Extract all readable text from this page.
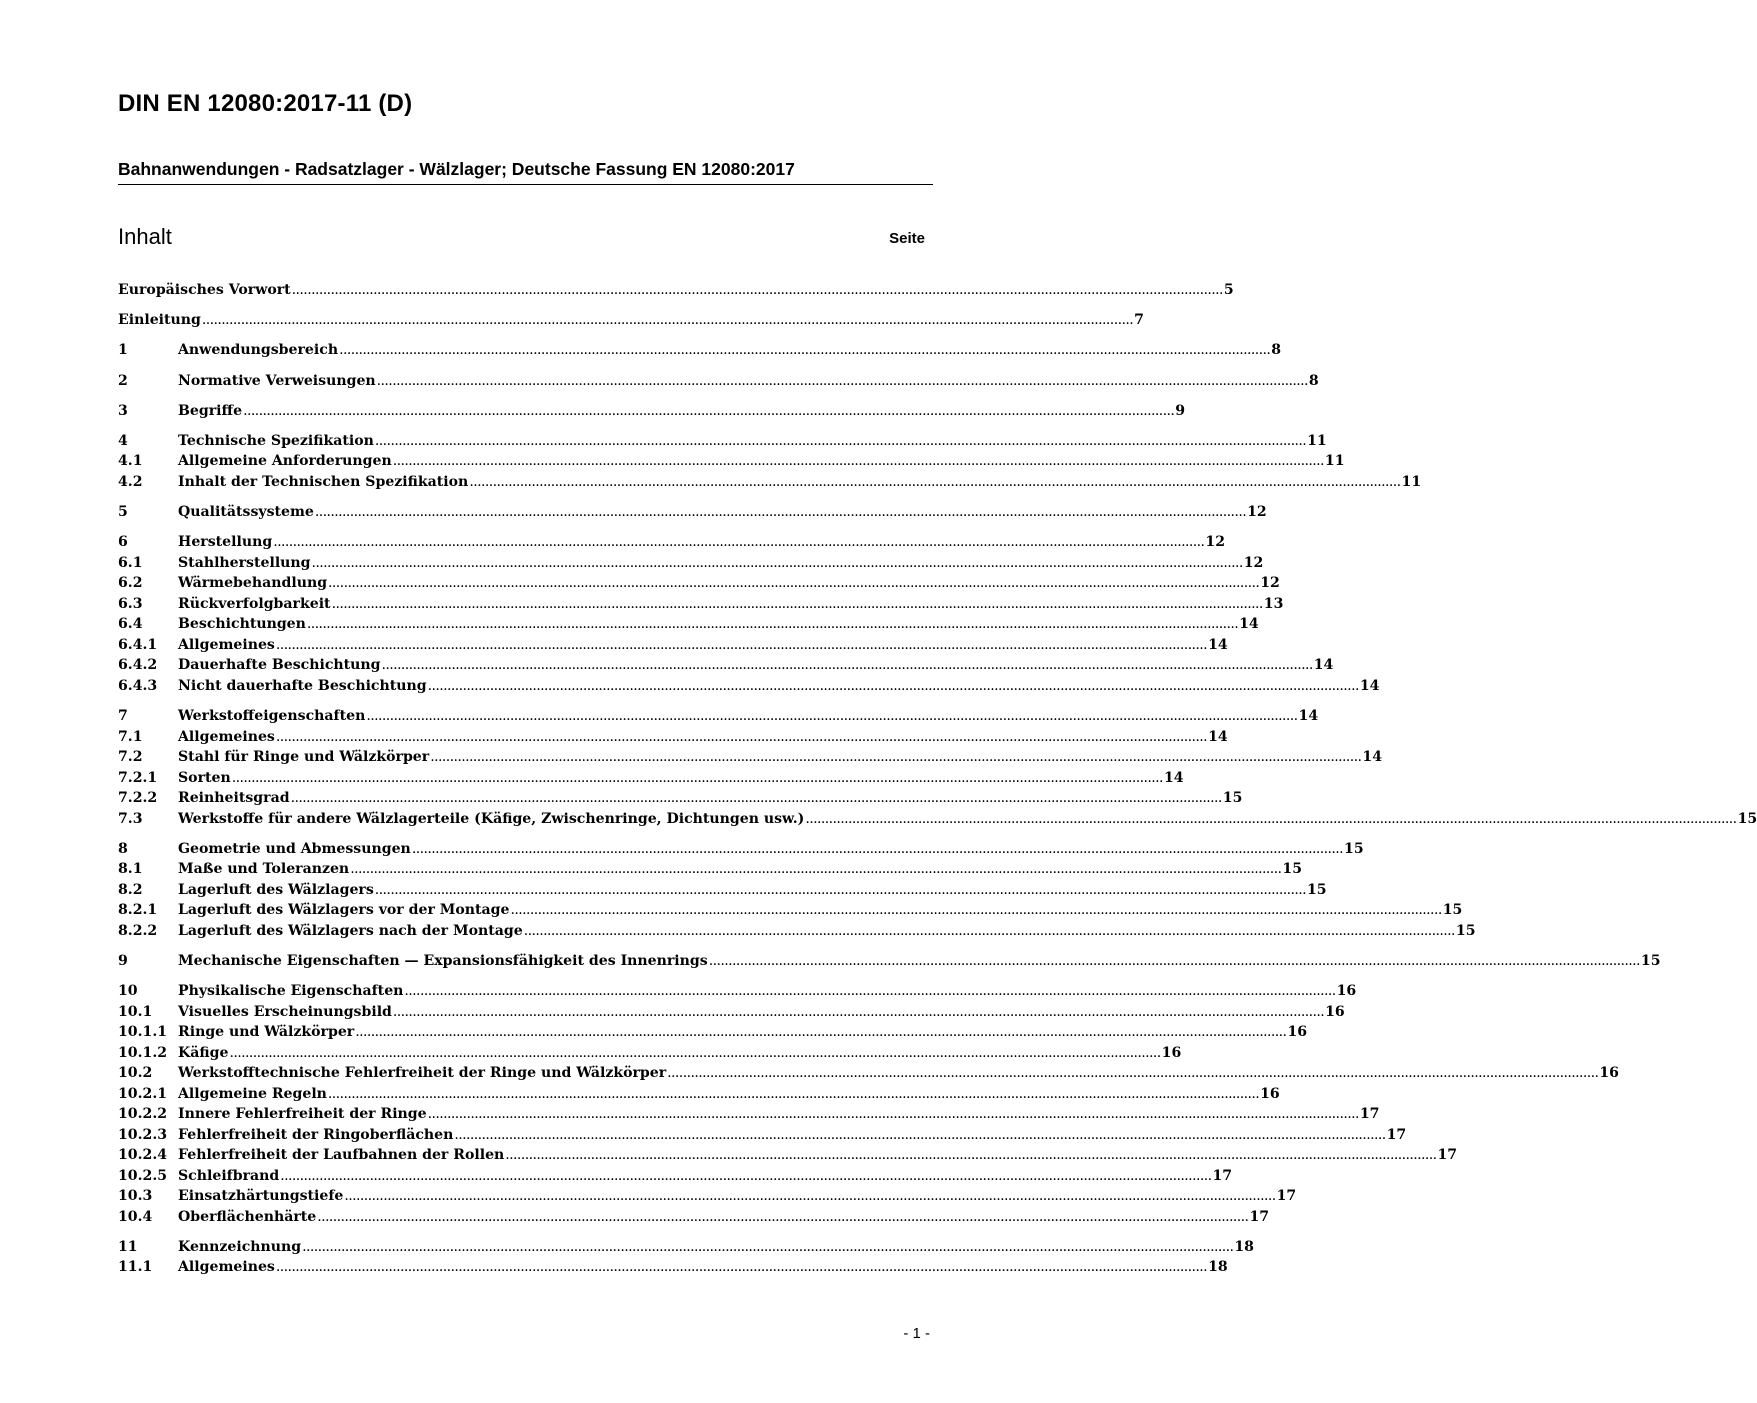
DIN EN 12080:2017-11 (D)
Bahnanwendungen - Radsatzlager - Wälzlager; Deutsche Fassung EN 12080:2017
Inhalt	Seite
Europäisches Vorwort .....	5
Einleitung .....	7
1	Anwendungsbereich .....	8
2	Normative Verweisungen .....	8
3	Begriffe .....	9
4	Technische Spezifikation .....	11
4.1	Allgemeine Anforderungen .....	11
4.2	Inhalt der Technischen Spezifikation .....	11
5	Qualitätssysteme .....	12
6	Herstellung .....	12
6.1	Stahlherstellung .....	12
6.2	Wärmebehandlung .....	12
6.3	Rückverfolgbarkeit .....	13
6.4	Beschichtungen .....	14
6.4.1	Allgemeines .....	14
6.4.2	Dauerhafte Beschichtung .....	14
6.4.3	Nicht dauerhafte Beschichtung .....	14
7	Werkstoffeigenschaften .....	14
7.1	Allgemeines .....	14
7.2	Stahl für Ringe und Wälzkörper .....	14
7.2.1	Sorten .....	14
7.2.2	Reinheitsgrad .....	15
7.3	Werkstoffe für andere Wälzlagerteile (Käfige, Zwischenringe, Dichtungen usw.) .....	15
8	Geometrie und Abmessungen .....	15
8.1	Maße und Toleranzen .....	15
8.2	Lagerluft des Wälzlagers .....	15
8.2.1	Lagerluft des Wälzlagers vor der Montage .....	15
8.2.2	Lagerluft des Wälzlagers nach der Montage .....	15
9	Mechanische Eigenschaften — Expansionsfähigkeit des Innenrings .....	15
10	Physikalische Eigenschaften .....	16
10.1	Visuelles Erscheinungsbild .....	16
10.1.1 Ringe und Wälzkörper .....	16
10.1.2 Käfige .....	16
10.2	Werkstofftechnische Fehlerfreiheit der Ringe und Wälzkörper .....	16
10.2.1 Allgemeine Regeln .....	16
10.2.2 Innere Fehlerfreiheit der Ringe .....	17
10.2.3 Fehlerfreiheit der Ringoberflächen .....	17
10.2.4 Fehlerfreiheit der Laufbahnen der Rollen .....	17
10.2.5 Schleifbrand .....	17
10.3	Einsatzhärtungstiefe .....	17
10.4	Oberflächenhärte .....	17
11	Kennzeichnung .....	18
11.1	Allgemeines .....	18
- 1 -
